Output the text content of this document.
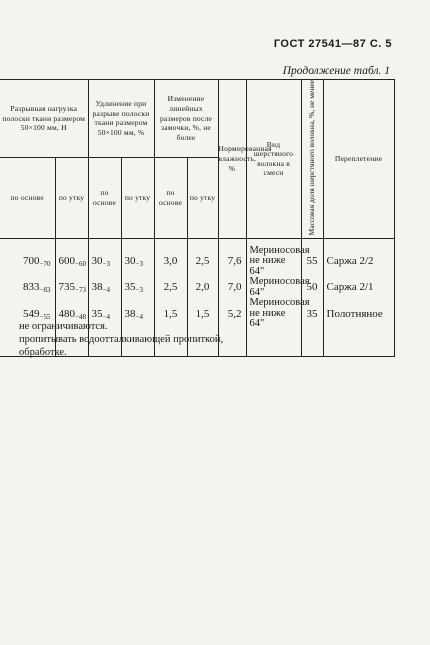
ГОСТ 27541—87 С. 5
Продолжение табл. 1
Разрывная нагрузка полоски ткани размером 50×100 мм, Н		Удлинение при разрыве полоски ткани размером 50×100 мм, %		Изменение линейных размеров после замочки, %, не более		Нормированная влажность, %	Вид шерстяного волокна в смеси	Массовая доля шерстяного волокна, %, не менее	Переплетение
по основе	по утку	по основе	по утку	по основе	по утку				

700−70	600−60	30−3	30−3	3,0	2,5	7,6	Мериносовая не ниже 64"	55	Саржа 2/2
833−83	735−73	38−4	35−3	2,5	2,0	7,0	Мериносовая 64"	50	Саржа 2/1
549−55	480−48	35−4	38−4	1,5	1,5	5,2	Мериносовая не ниже 64"	35	Полотняное

не ограничиваются.
пропитывать водоотталкивающей пропиткой,
обработке.
